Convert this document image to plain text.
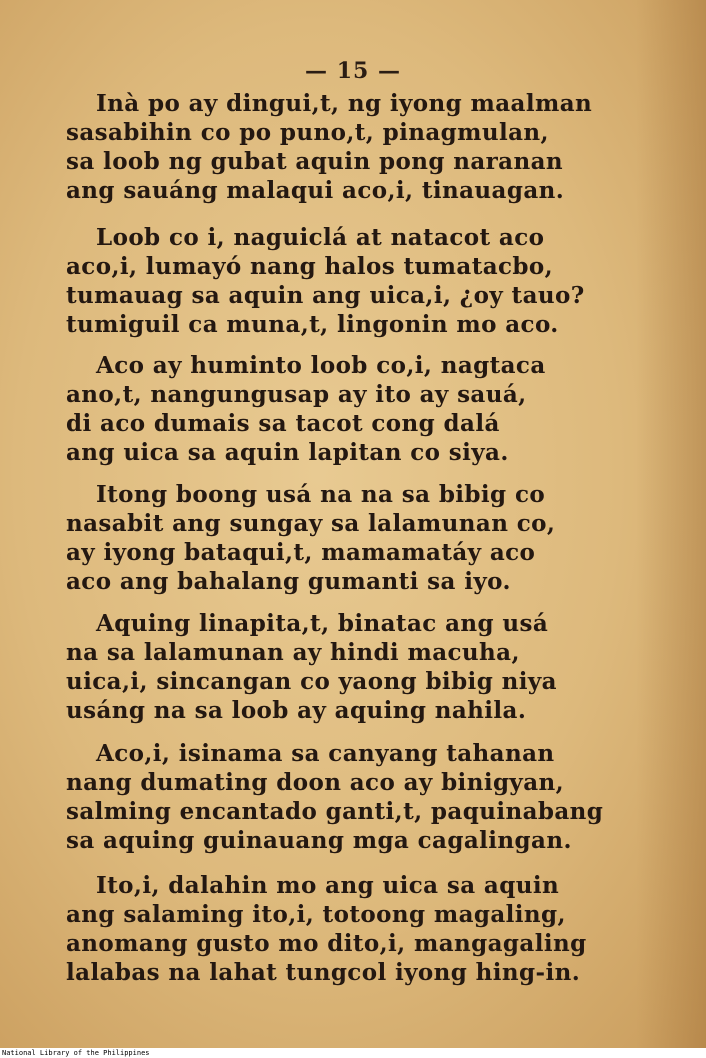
— 15 —
Inà po ay dingui,t, ng iyong maalman
sasabihin co po puno,t, pinagmulan,
sa loob ng gubat aquin pong naranan
ang sauáng malaqui aco,i, tinauagan.
Loob co i, naguiclá at natacot aco
aco,i, lumayó nang halos tumatacbo,
tumauag sa aquin ang uica,i, ¿oy tauo?
tumiguil ca muna,t, lingonin mo aco.
Aco ay huminto loob co,i, nagtaca
ano,t, nangungusap ay ito ay sauá,
di aco dumais sa tacot cong dalá
ang uica sa aquin lapitan co siya.
Itong boong usá na na sa bibig co
nasabit ang sungay sa lalamunan co,
ay iyong bataqui,t, mamamatáy aco
aco ang bahalang gumanti sa iyo.
Aquing linapita,t, binatac ang usá
na sa lalamunan ay hindi macuha,
uica,i, sincangan co yaong bibig niya
usáng na sa loob ay aquing nahila.
Aco,i, isinama sa canyang tahanan
nang dumating doon aco ay binigyan,
salming encantado ganti,t, paquinabang
sa aquing guinauang mga cagalingan.
Ito,i, dalahin mo ang uica sa aquin
ang salaming ito,i, totoong magaling,
anomang gusto mo dito,i, mangagaling
lalabas na lahat tungcol iyong hing-in.
National Library of the Philippines
